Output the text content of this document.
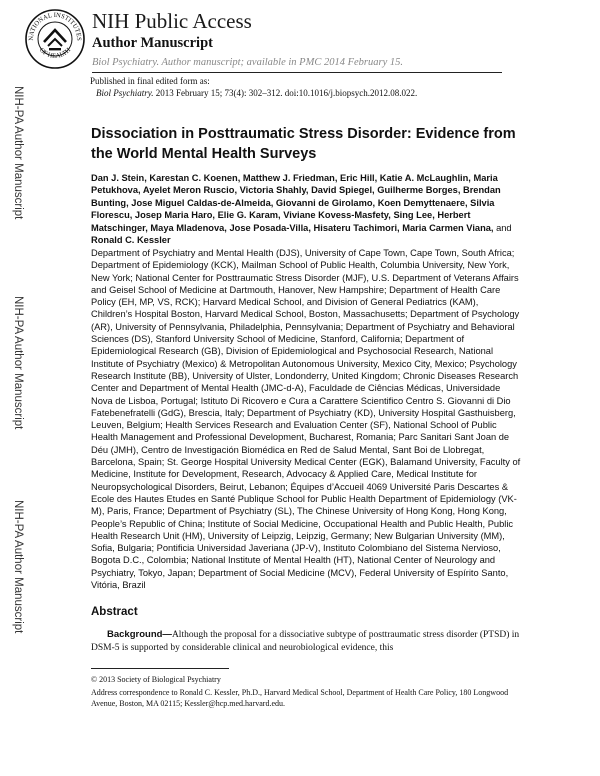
NATIONAL INSTITUTES
OF HEALTH
NIH Public Access
Author Manuscript
Biol Psychiatry. Author manuscript; available in PMC 2014 February 15.
Published in final edited form as:
Biol Psychiatry. 2013 February 15; 73(4): 302–312. doi:10.1016/j.biopsych.2012.08.022.
NIH-PA Author Manuscript
NIH-PA Author Manuscript
NIH-PA Author Manuscript
Dissociation in Posttraumatic Stress Disorder: Evidence from the World Mental Health Surveys
Dan J. Stein, Karestan C. Koenen, Matthew J. Friedman, Eric Hill, Katie A. McLaughlin, Maria Petukhova, Ayelet Meron Ruscio, Victoria Shahly, David Spiegel, Guilherme Borges, Brendan Bunting, Jose Miguel Caldas-de-Almeida, Giovanni de Girolamo, Koen Demyttenaere, Silvia Florescu, Josep Maria Haro, Elie G. Karam, Viviane Kovess-Masfety, Sing Lee, Herbert Matschinger, Maya Mladenova, Jose Posada-Villa, Hisateru Tachimori, Maria Carmen Viana, and Ronald C. Kessler
Department of Psychiatry and Mental Health (DJS), University of Cape Town, Cape Town, South Africa; Department of Epidemiology (KCK), Mailman School of Public Health, Columbia University, New York, New York; National Center for Posttraumatic Stress Disorder (MJF), U.S. Department of Veterans Affairs and Geisel School of Medicine at Dartmouth, Hanover, New Hampshire; Department of Health Care Policy (EH, MP, VS, RCK); Harvard Medical School, and Division of General Pediatrics (KAM), Children’s Hospital Boston, Harvard Medical School, Boston, Massachusetts; Department of Psychology (AR), University of Pennsylvania, Philadelphia, Pennsylvania; Department of Psychiatry and Behavioral Sciences (DS), Stanford University School of Medicine, Stanford, California; Department of Epidemiological Research (GB), Division of Epidemiological and Psychosocial Research, National Institute of Psychiatry (Mexico) & Metropolitan Autonomous University, Mexico City, Mexico; Psychology Research Institute (BB), University of Ulster, Londonderry, United Kingdom; Chronic Diseases Research Center and Department of Mental Health (JMC-d-A), Faculdade de Ciências Médicas, Universidade Nova de Lisboa, Portugal; Istituto Di Ricovero e Cura a Carattere Scientifico Centro S. Giovanni di Dio Fatebenefratelli (GdG), Brescia, Italy; Department of Psychiatry (KD), University Hospital Gasthuisberg, Leuven, Belgium; Health Services Research and Evaluation Center (SF), National School of Public Health Management and Professional Development, Bucharest, Romania; Parc Sanitari Sant Joan de Déu (JMH), Centro de Investigación Biomédica en Red de Salud Mental, Sant Boi de Llobregat, Barcelona, Spain; St. George Hospital University Medical Center (EGK), Balamand University, Faculty of Medicine, Institute for Development, Research, Advocacy & Applied Care, Medical Institute for Neuropsychological Disorders, Beirut, Lebanon; Équipes d’Accueil 4069 Université Paris Descartes & Ecole des Hautes Etudes en Santé Publique School for Public Health Department of Epidemiology (VK-M), Paris, France; Department of Psychiatry (SL), The Chinese University of Hong Kong, Hong Kong, People’s Republic of China; Institute of Social Medicine, Occupational Health and Public Health, Public Health Research Unit (HM), University of Leipzig, Leipzig, Germany; New Bulgarian University (MM), Sofia, Bulgaria; Pontificia Universidad Javeriana (JP-V), Instituto Colombiano del Sistema Nervioso, Bogota D.C., Colombia; National Institute of Mental Health (HT), National Center of Neurology and Psychiatry, Tokyo, Japan; Department of Social Medicine (MCV), Federal University of Espírito Santo, Vitória, Brazil
Abstract
Background—Although the proposal for a dissociative subtype of posttraumatic stress disorder (PTSD) in DSM-5 is supported by considerable clinical and neurobiological evidence, this
© 2013 Society of Biological Psychiatry
Address correspondence to Ronald C. Kessler, Ph.D., Harvard Medical School, Department of Health Care Policy, 180 Longwood Avenue, Boston, MA 02115; Kessler@hcp.med.harvard.edu.
